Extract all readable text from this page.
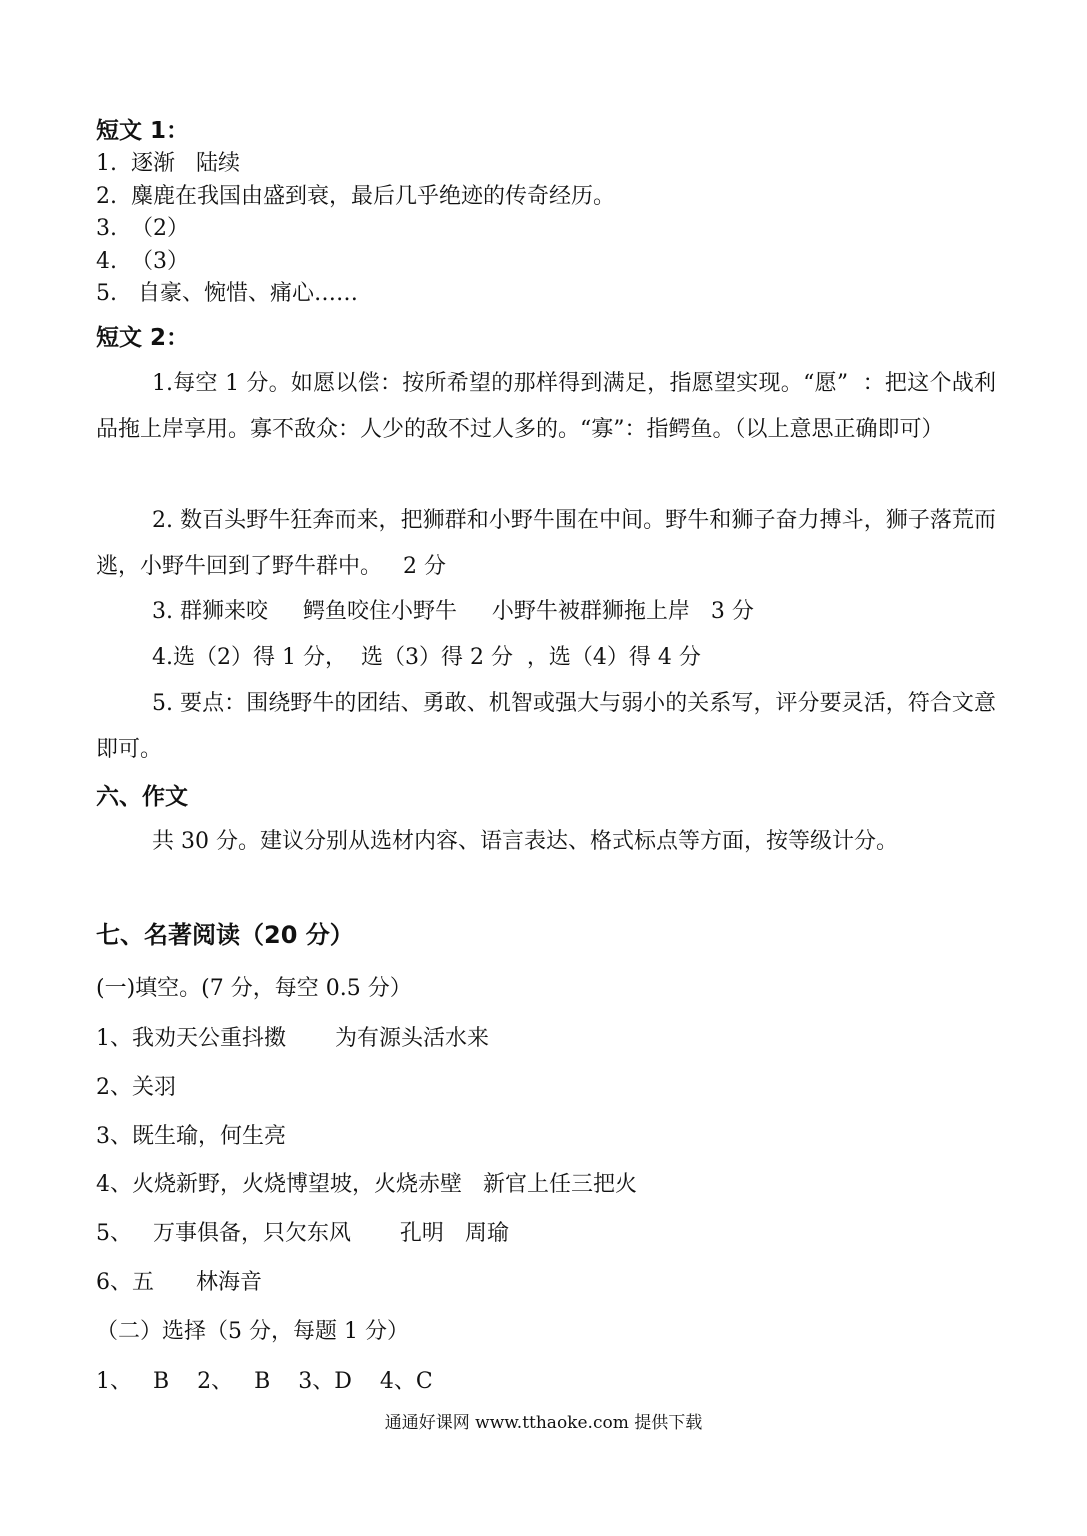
短文 1：
1.  逐渐   陆续
2.  麋鹿在我国由盛到衰，最后几乎绝迹的传奇经历。
3.  （2）
4.  （3）
5.   自豪、惋惜、痛心……
短文 2：
1.每空 1 分。如愿以偿：按所希望的那样得到满足，指愿望实现。“愿”  ：把这个战利品拖上岸享用。寡不敌众：人少的敌不过人多的。“寡”：指鳄鱼。（以上意思正确即可）
2. 数百头野牛狂奔而来，把狮群和小野牛围在中间。野牛和狮子奋力搏斗，狮子落荒而逃，小野牛回到了野牛群中。   2 分
3. 群狮来咬     鳄鱼咬住小野牛     小野牛被群狮拖上岸   3 分
4.选（2）得 1 分，  选（3）得 2 分  ，选（4）得 4 分
5. 要点：围绕野牛的团结、勇敢、机智或强大与弱小的关系写，评分要灵活，符合文意即可。
六、作文
共 30 分。建议分别从选材内容、语言表达、格式标点等方面，按等级计分。
七、名著阅读（20 分）
(一)填空。(7 分，每空 0.5 分）
1、我劝天公重抖擞       为有源头活水来
2、关羽
3、既生瑜，何生亮
4、火烧新野，火烧博望坡，火烧赤壁   新官上任三把火
5、   万事俱备，只欠东风       孔明   周瑜
6、五      林海音
（二）选择（5 分，每题 1 分）
1、   B    2、   B    3、D    4、C
通通好课网 www.tthaoke.com 提供下载
